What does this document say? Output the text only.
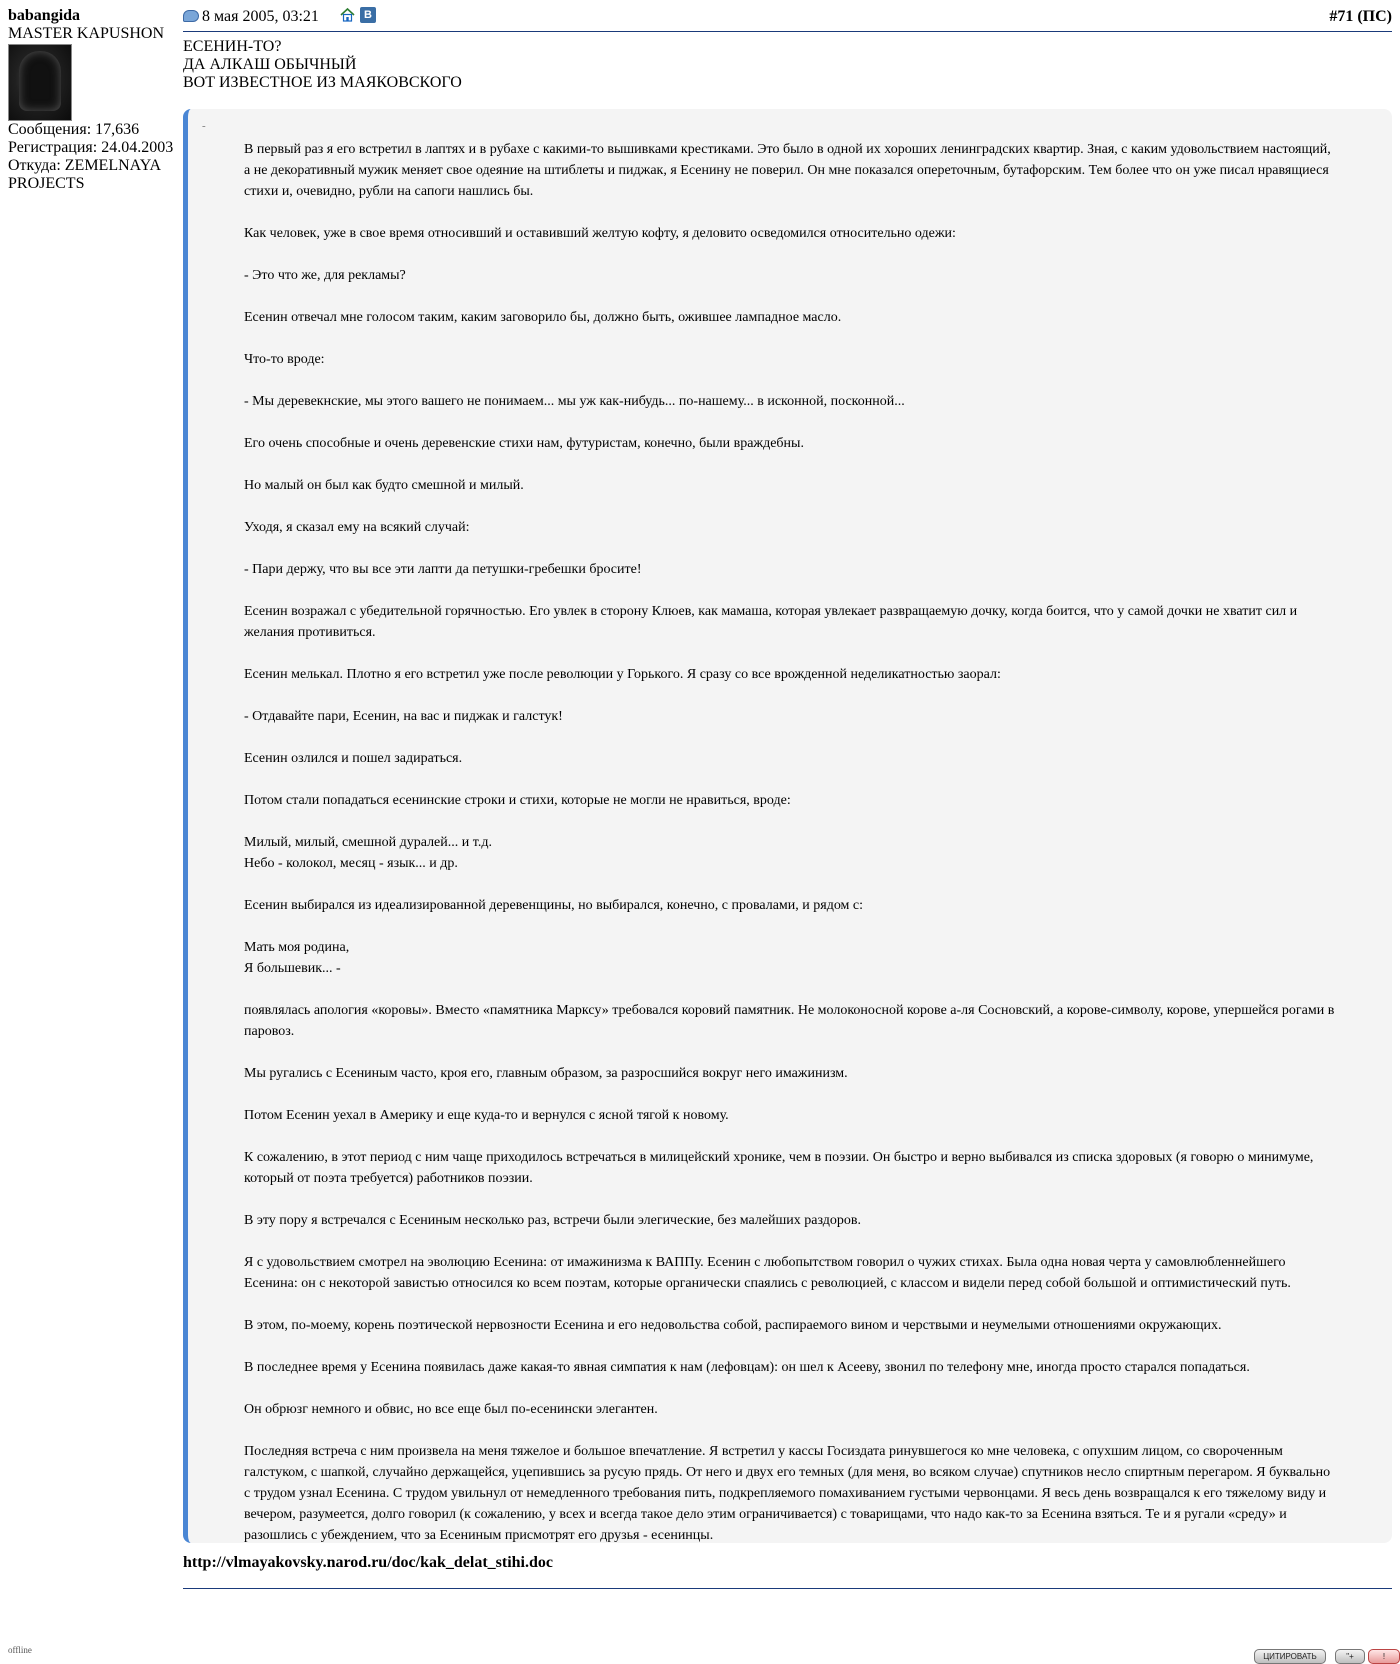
babangida
MASTER KAPUSHON
Сообщения: 17,636
Регистрация: 24.04.2003
Откуда: ZEMELNAYA
PROJECTS
offline
8 мая 2005, 03:21	В	#71 (ПС)
ЕСЕНИН-ТО?
ДА АЛКАШ ОБЫЧНЫЙ
ВОТ ИЗВЕСТНОЕ ИЗ МАЯКОВСКОГО
-

В первый раз я его встретил в лаптях и в рубахе с какими-то вышивками крестиками. Это было в одной их хороших ленинградских квартир. Зная, с каким удовольствием настоящий, а не декоративный мужик меняет свое одеяние на штиблеты и пиджак, я Есенину не поверил. Он мне показался опереточным, бутафорским. Тем более что он уже писал нравящиеся стихи и, очевидно, рубли на сапоги нашлись бы.

Как человек, уже в свое время относивший и оставивший желтую кофту, я деловито осведомился относительно одежи:

- Это что же, для рекламы?

Есенин отвечал мне голосом таким, каким заговорило бы, должно быть, ожившее лампадное масло.

Что-то вроде:

- Мы деревекнские, мы этого вашего не понимаем... мы уж как-нибудь... по-нашему... в исконной, посконной...

Его очень способные и очень деревенские стихи нам, футуристам, конечно, были враждебны.

Но малый он был как будто смешной и милый.

Уходя, я сказал ему на всякий случай:

- Пари держу, что вы все эти лапти да петушки-гребешки бросите!

Есенин возражал с убедительной горячностью. Его увлек в сторону Клюев, как мамаша, которая увлекает развращаемую дочку, когда боится, что у самой дочки не хватит сил и желания противиться.

Есенин мелькал. Плотно я его встретил уже после революции у Горького. Я сразу со все врожденной неделикатностью заорал:

- Отдавайте пари, Есенин, на вас и пиджак и галстук!

Есенин озлился и пошел задираться.

Потом стали попадаться есенинские строки и стихи, которые не могли не нравиться, вроде:

Милый, милый, смешной дуралей... и т.д.
Небо - колокол, месяц - язык... и др.

Есенин выбирался из идеализированной деревенщины, но выбирался, конечно, с провалами, и рядом с:

Мать моя родина,
Я большевик... -

появлялась апология «коровы». Вместо «памятника Марксу» требовался коровий памятник. Не молоконосной корове а-ля Сосновский, а корове-символу, корове, упершейся рогами в паровоз.

Мы ругались с Есениным часто, кроя его, главным образом, за разросшийся вокруг него имажинизм.

Потом Есенин уехал в Америку и еще куда-то и вернулся с ясной тягой к новому.

К сожалению, в этот период с ним чаще приходилось встречаться в милицейский хронике, чем в поэзии. Он быстро и верно выбивался из списка здоровых (я говорю о минимуме, который от поэта требуется) работников поэзии.

В эту пору я встречался с Есениным несколько раз, встречи были элегические, без малейших раздоров.

Я с удовольствием смотрел на эволюцию Есенина: от имажинизма к ВАППу. Есенин с любопытством говорил о чужих стихах. Была одна новая черта у самовлюбленнейшего Есенина: он с некоторой завистью относился ко всем поэтам, которые органически спаялись с революцией, с классом и видели перед собой большой и оптимистический путь.

В этом, по-моему, корень поэтической нервозности Есенина и его недовольства собой, распираемого вином и черствыми и неумелыми отношениями окружающих.

В последнее время у Есенина появилась даже какая-то явная симпатия к нам (лефовцам): он шел к Асееву, звонил по телефону мне, иногда просто старался попадаться.

Он обрюзг немного и обвис, но все еще был по-есенински элегантен.

Последняя встреча с ним произвела на меня тяжелое и большое впечатление. Я встретил у кассы Госиздата ринувшегося ко мне человека, с опухшим лицом, со свороченным галстуком, с шапкой, случайно держащейся, уцепившись за русую прядь. От него и двух его темных (для меня, во всяком случае) спутников несло спиртным перегаром. Я буквально с трудом узнал Есенина. С трудом увильнул от немедленного требования пить, подкрепляемого помахиванием густыми червонцами. Я весь день возвращался к его тяжелому виду и вечером, разумеется, долго говорил (к сожалению, у всех и всегда такое дело этим ограничивается) с товарищами, что надо как-то за Есенина взяться. Те и я ругали «среду» и разошлись с убеждением, что за Есениным присмотрят его друзья - есенинцы.

http://vlmayakovsky.narod.ru/doc/kak_delat_stihi.doc
ЦИТИРОВАТЬ	"+	!
